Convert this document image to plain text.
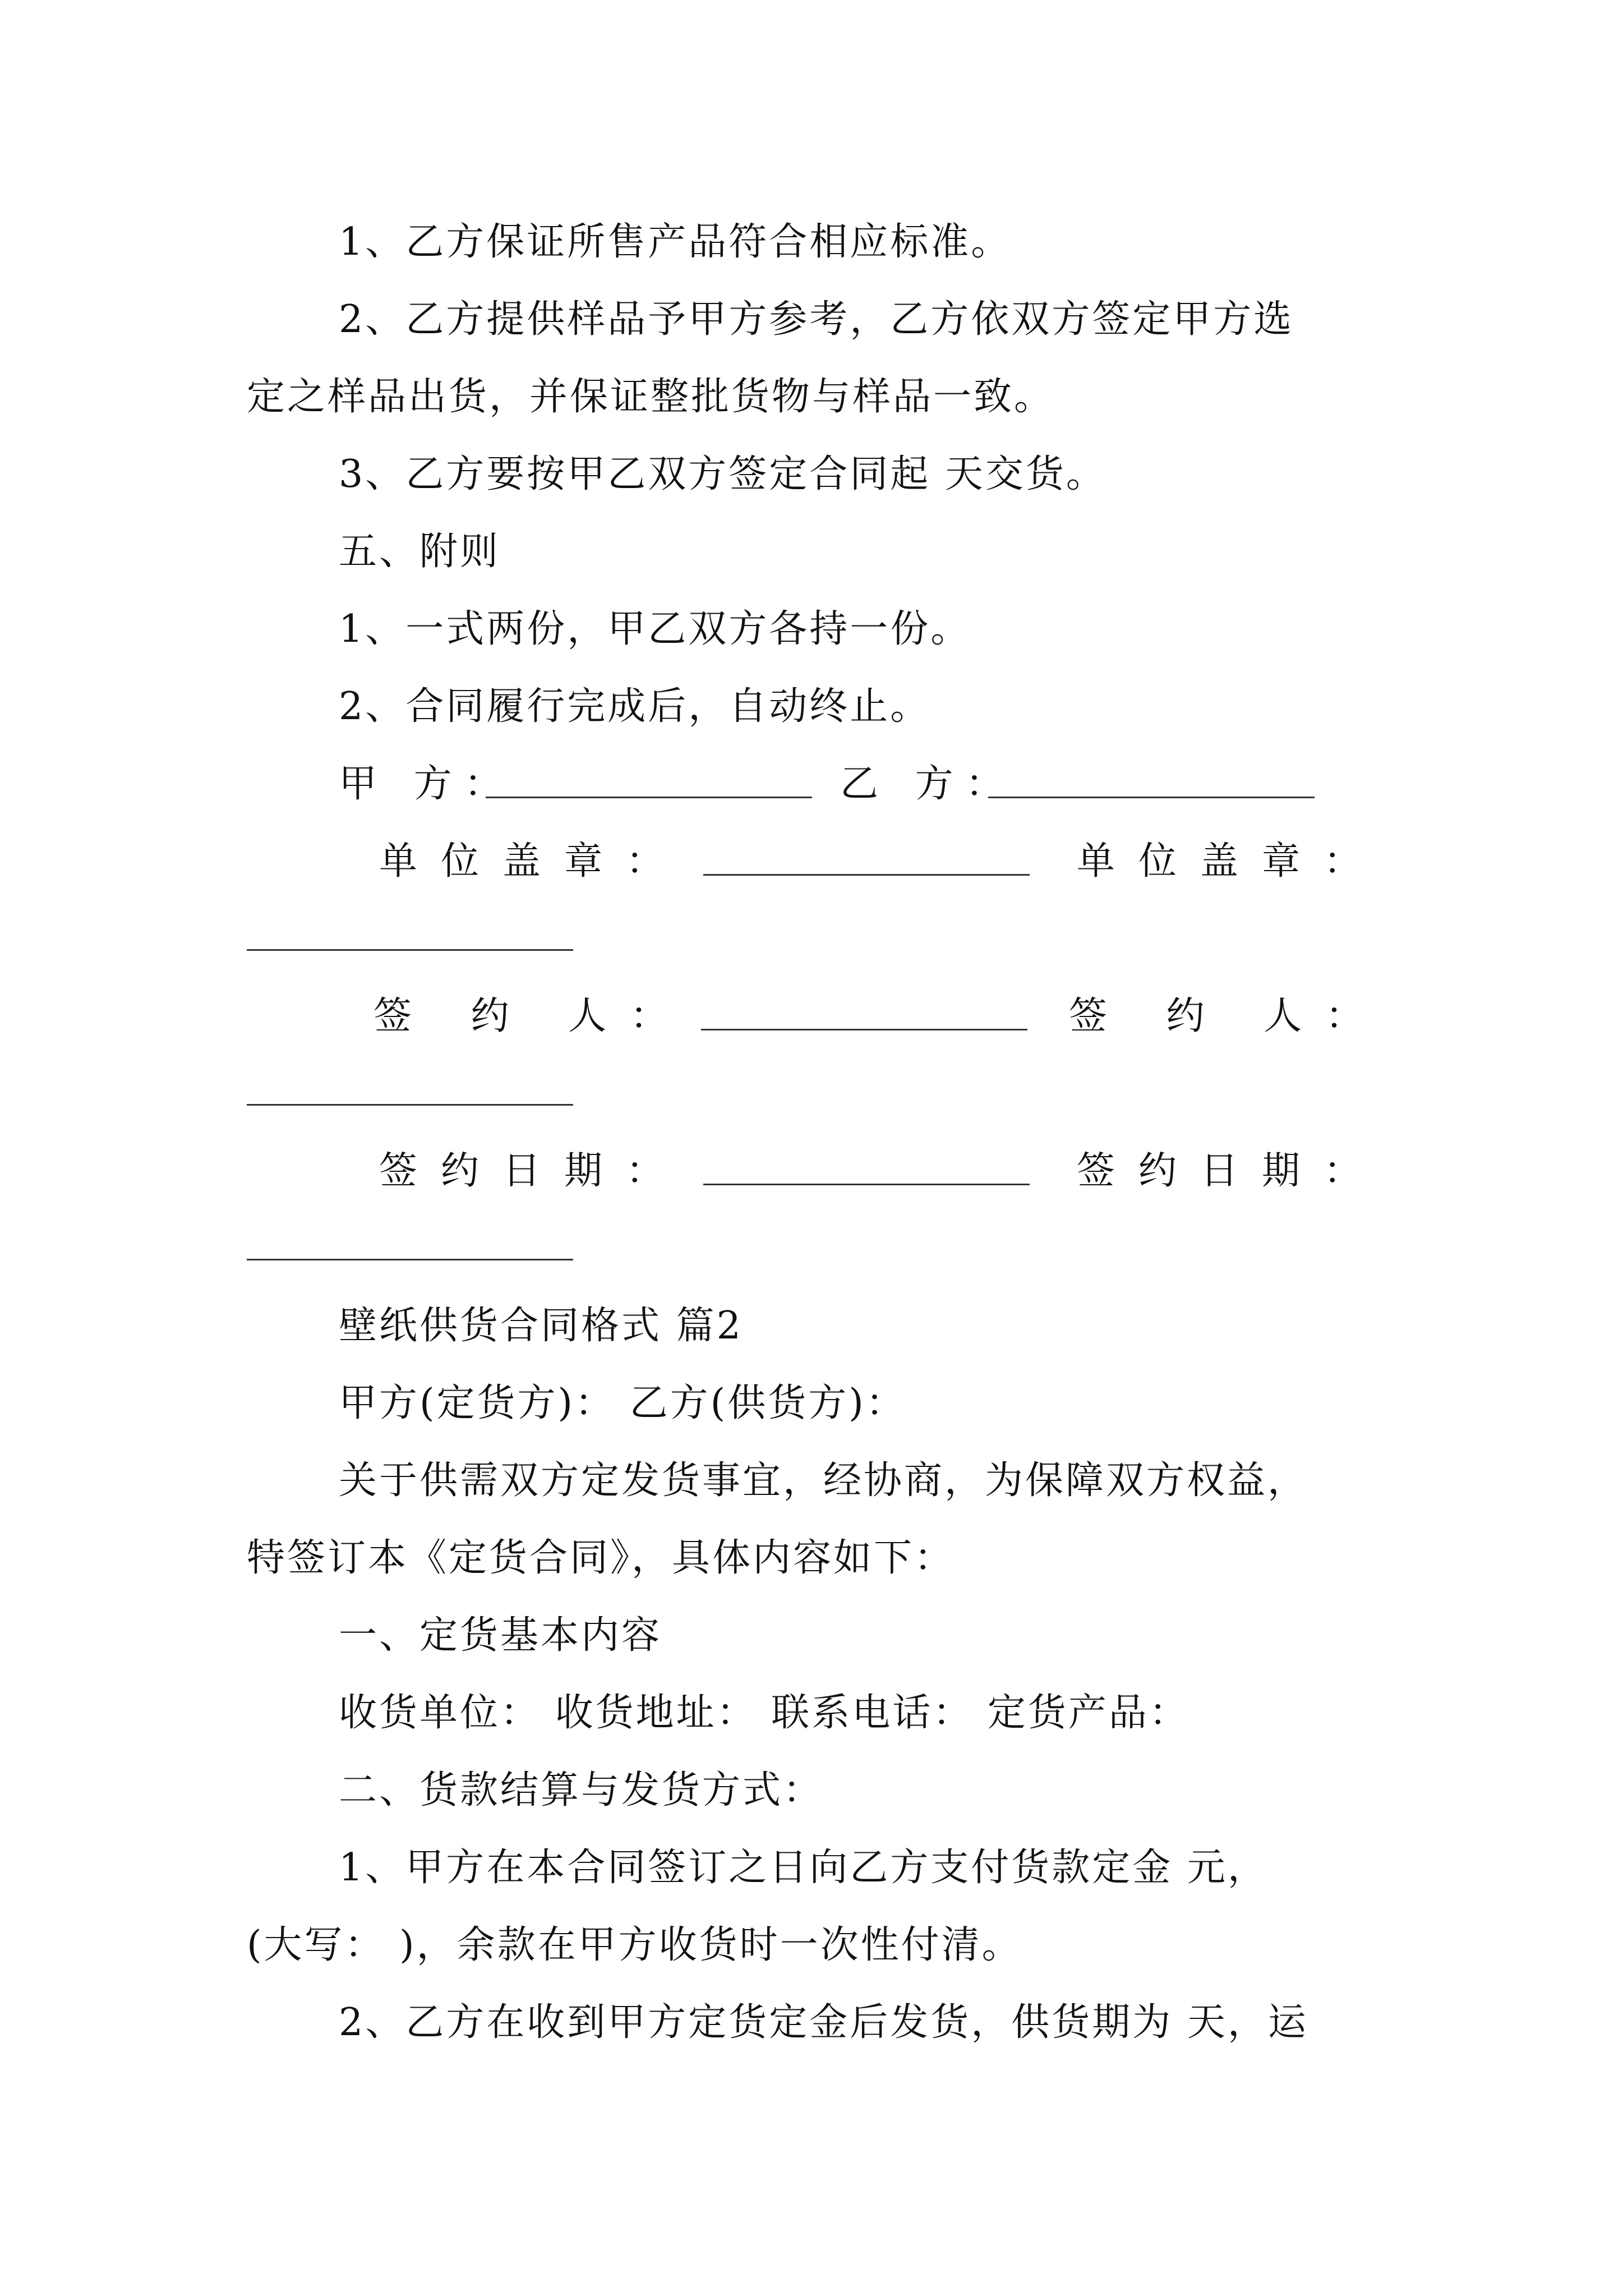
1、乙方保证所售产品符合相应标准。
2、乙方提供样品予甲方参考，乙方依双方签定甲方选
定之样品出货，并保证整批货物与样品一致。
3、乙方要按甲乙双方签定合同起 天交货。
五、附则
1、一式两份，甲乙双方各持一份。
2、合同履行完成后，自动终止。
甲 方：	乙 方：
单位盖章：	单位盖章：
签 约 人：	签 约 人：
签约日期：	签约日期：
壁纸供货合同格式 篇2
甲方(定货方)： 乙方(供货方)：
关于供需双方定发货事宜，经协商，为保障双方权益，
特签订本《定货合同》，具体内容如下：
一、定货基本内容
收货单位： 收货地址： 联系电话： 定货产品：
二、货款结算与发货方式：
1、甲方在本合同签订之日向乙方支付货款定金 元，
(大写： )，余款在甲方收货时一次性付清。
2、乙方在收到甲方定货定金后发货，供货期为 天，运
